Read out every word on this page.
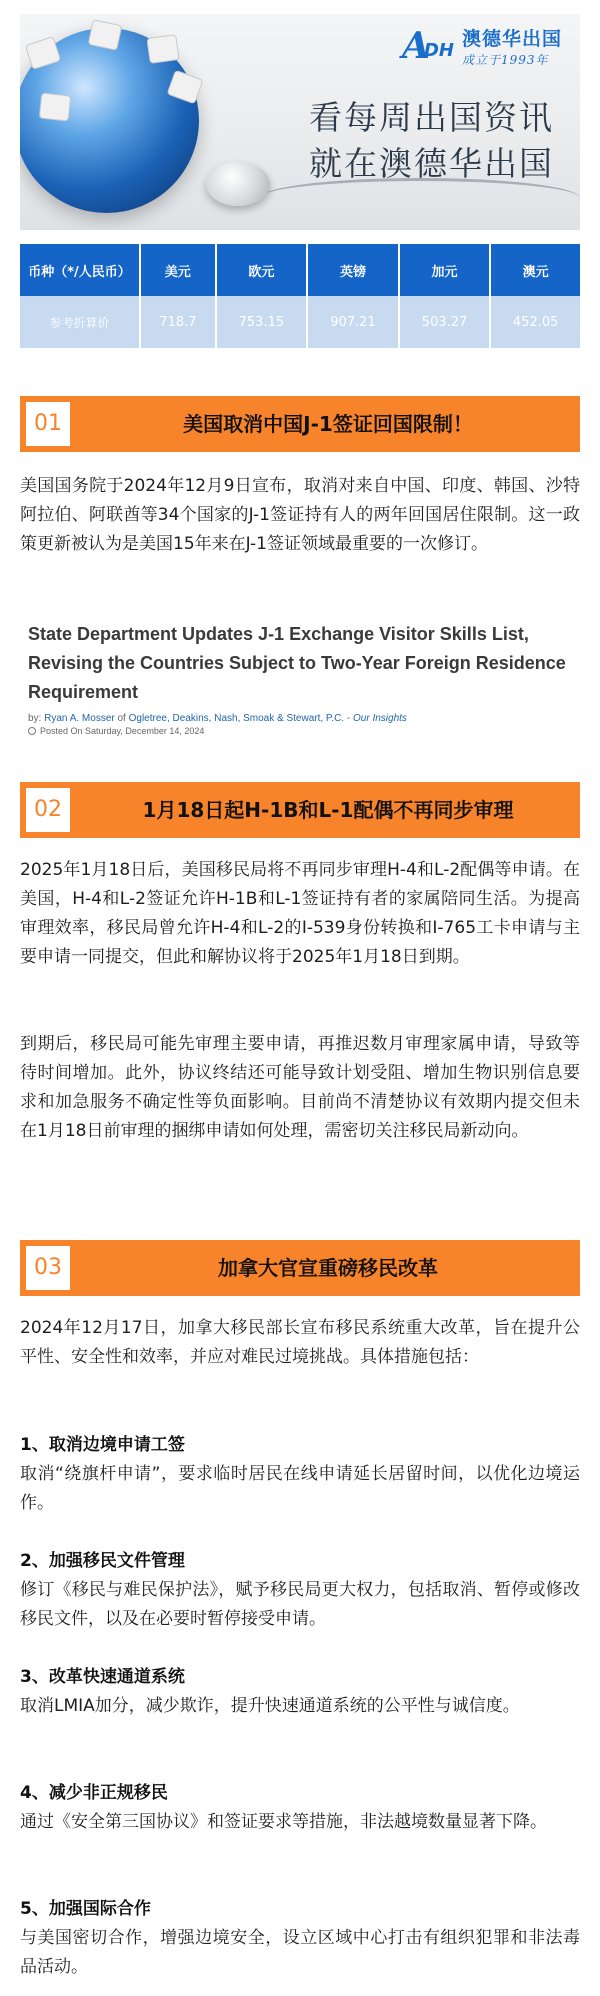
A
DH
澳德华出国
成立于1993年
看每周出国资讯
就在澳德华出国
币种（*/人民币）	美元	欧元	英镑	加元	澳元
参考折算价	718.7	753.15	907.21	503.27	452.05
01	美国取消中国J-1签证回国限制！
美国国务院于2024年12月9日宣布，取消对来自中国、印度、韩国、沙特阿拉伯、阿联酋等34个国家的J-1签证持有人的两年回国居住限制。这一政策更新被认为是美国15年来在J-1签证领域最重要的一次修订。
State Department Updates J-1 Exchange Visitor Skills List, Revising the Countries Subject to Two-Year Foreign Residence Requirement
by: Ryan A. Mosser of Ogletree, Deakins, Nash, Smoak & Stewart, P.C. - Our Insights
Posted On Saturday, December 14, 2024
02	1月18日起H-1B和L-1配偶不再同步审理
2025年1月18日后，美国移民局将不再同步审理H-4和L-2配偶等申请。在美国，H-4和L-2签证允许H-1B和L-1签证持有者的家属陪同生活。为提高审理效率，移民局曾允许H-4和L-2的I-539身份转换和I-765工卡申请与主要申请一同提交，但此和解协议将于2025年1月18日到期。
到期后，移民局可能先审理主要申请，再推迟数月审理家属申请，导致等待时间增加。此外，协议终结还可能导致计划受阻、增加生物识别信息要求和加急服务不确定性等负面影响。目前尚不清楚协议有效期内提交但未在1月18日前审理的捆绑申请如何处理，需密切关注移民局新动向。
03	加拿大官宣重磅移民改革
2024年12月17日，加拿大移民部长宣布移民系统重大改革，旨在提升公平性、安全性和效率，并应对难民过境挑战。具体措施包括：
1、取消边境申请工签
取消“绕旗杆申请”，要求临时居民在线申请延长居留时间，以优化边境运作。
2、加强移民文件管理
修订《移民与难民保护法》，赋予移民局更大权力，包括取消、暂停或修改移民文件，以及在必要时暂停接受申请。
3、改革快速通道系统
取消LMIA加分，减少欺诈，提升快速通道系统的公平性与诚信度。
4、减少非正规移民
通过《安全第三国协议》和签证要求等措施，非法越境数量显著下降。
5、加强国际合作
与美国密切合作，增强边境安全，设立区域中心打击有组织犯罪和非法毒品活动。
